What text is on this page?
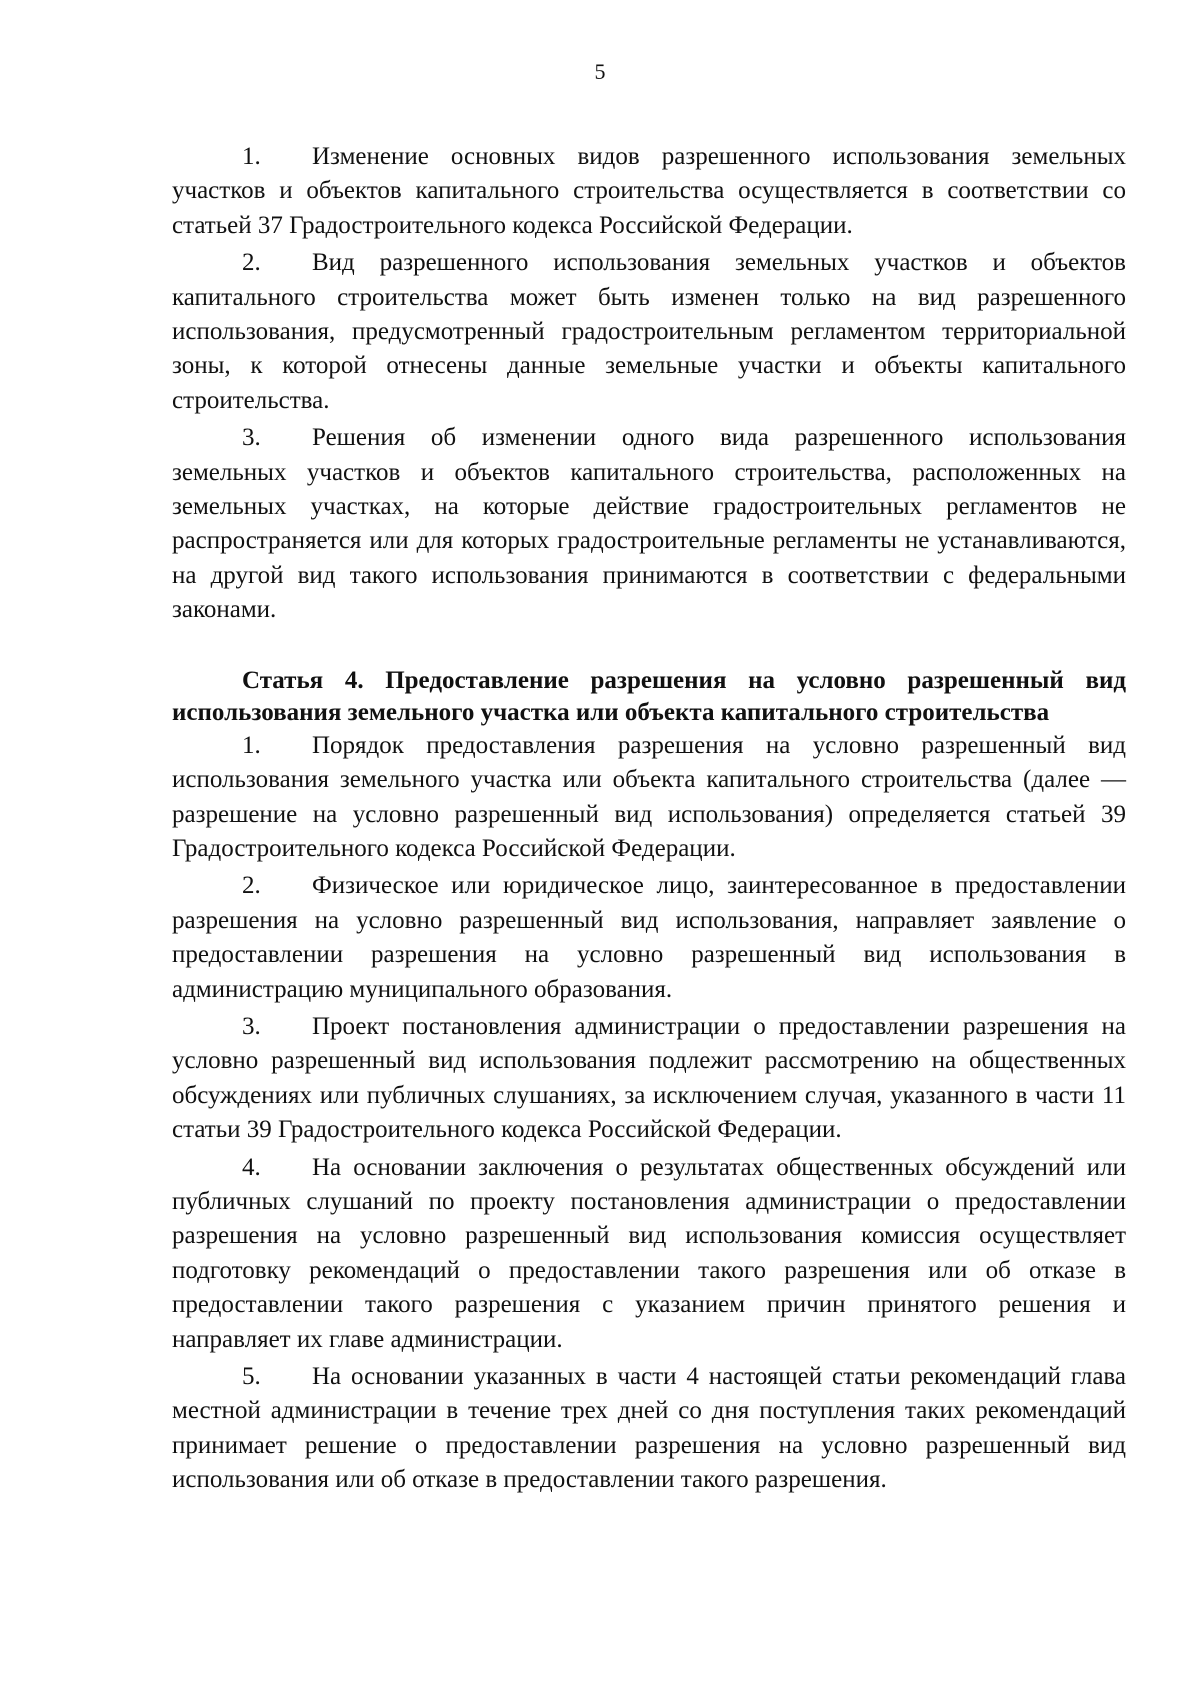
5

1. Изменение основных видов разрешенного использования земельных участков и объектов капитального строительства осуществляется в соответствии со статьей 37 Градостроительного кодекса Российской Федерации.

2. Вид разрешенного использования земельных участков и объектов капитального строительства может быть изменен только на вид разрешенного использования, предусмотренный градостроительным регламентом территориальной зоны, к которой отнесены данные земельные участки и объекты капитального строительства.

3. Решения об изменении одного вида разрешенного использования земельных участков и объектов капитального строительства, расположенных на земельных участках, на которые действие градостроительных регламентов не распространяется или для которых градостроительные регламенты не устанавливаются, на другой вид такого использования принимаются в соответствии с федеральными законами.

Статья 4. Предоставление разрешения на условно разрешенный вид использования земельного участка или объекта капитального строительства

1. Порядок предоставления разрешения на условно разрешенный вид использования земельного участка или объекта капитального строительства (далее — разрешение на условно разрешенный вид использования) определяется статьей 39 Градостроительного кодекса Российской Федерации.

2. Физическое или юридическое лицо, заинтересованное в предоставлении разрешения на условно разрешенный вид использования, направляет заявление о предоставлении разрешения на условно разрешенный вид использования в администрацию муниципального образования.

3. Проект постановления администрации о предоставлении разрешения на условно разрешенный вид использования подлежит рассмотрению на общественных обсуждениях или публичных слушаниях, за исключением случая, указанного в части 11 статьи 39 Градостроительного кодекса Российской Федерации.

4. На основании заключения о результатах общественных обсуждений или публичных слушаний по проекту постановления администрации о предоставлении разрешения на условно разрешенный вид использования комиссия осуществляет подготовку рекомендаций о предоставлении такого разрешения или об отказе в предоставлении такого разрешения с указанием причин принятого решения и направляет их главе администрации.

5. На основании указанных в части 4 настоящей статьи рекомендаций глава местной администрации в течение трех дней со дня поступления таких рекомендаций принимает решение о предоставлении разрешения на условно разрешенный вид использования или об отказе в предоставлении такого разрешения.
